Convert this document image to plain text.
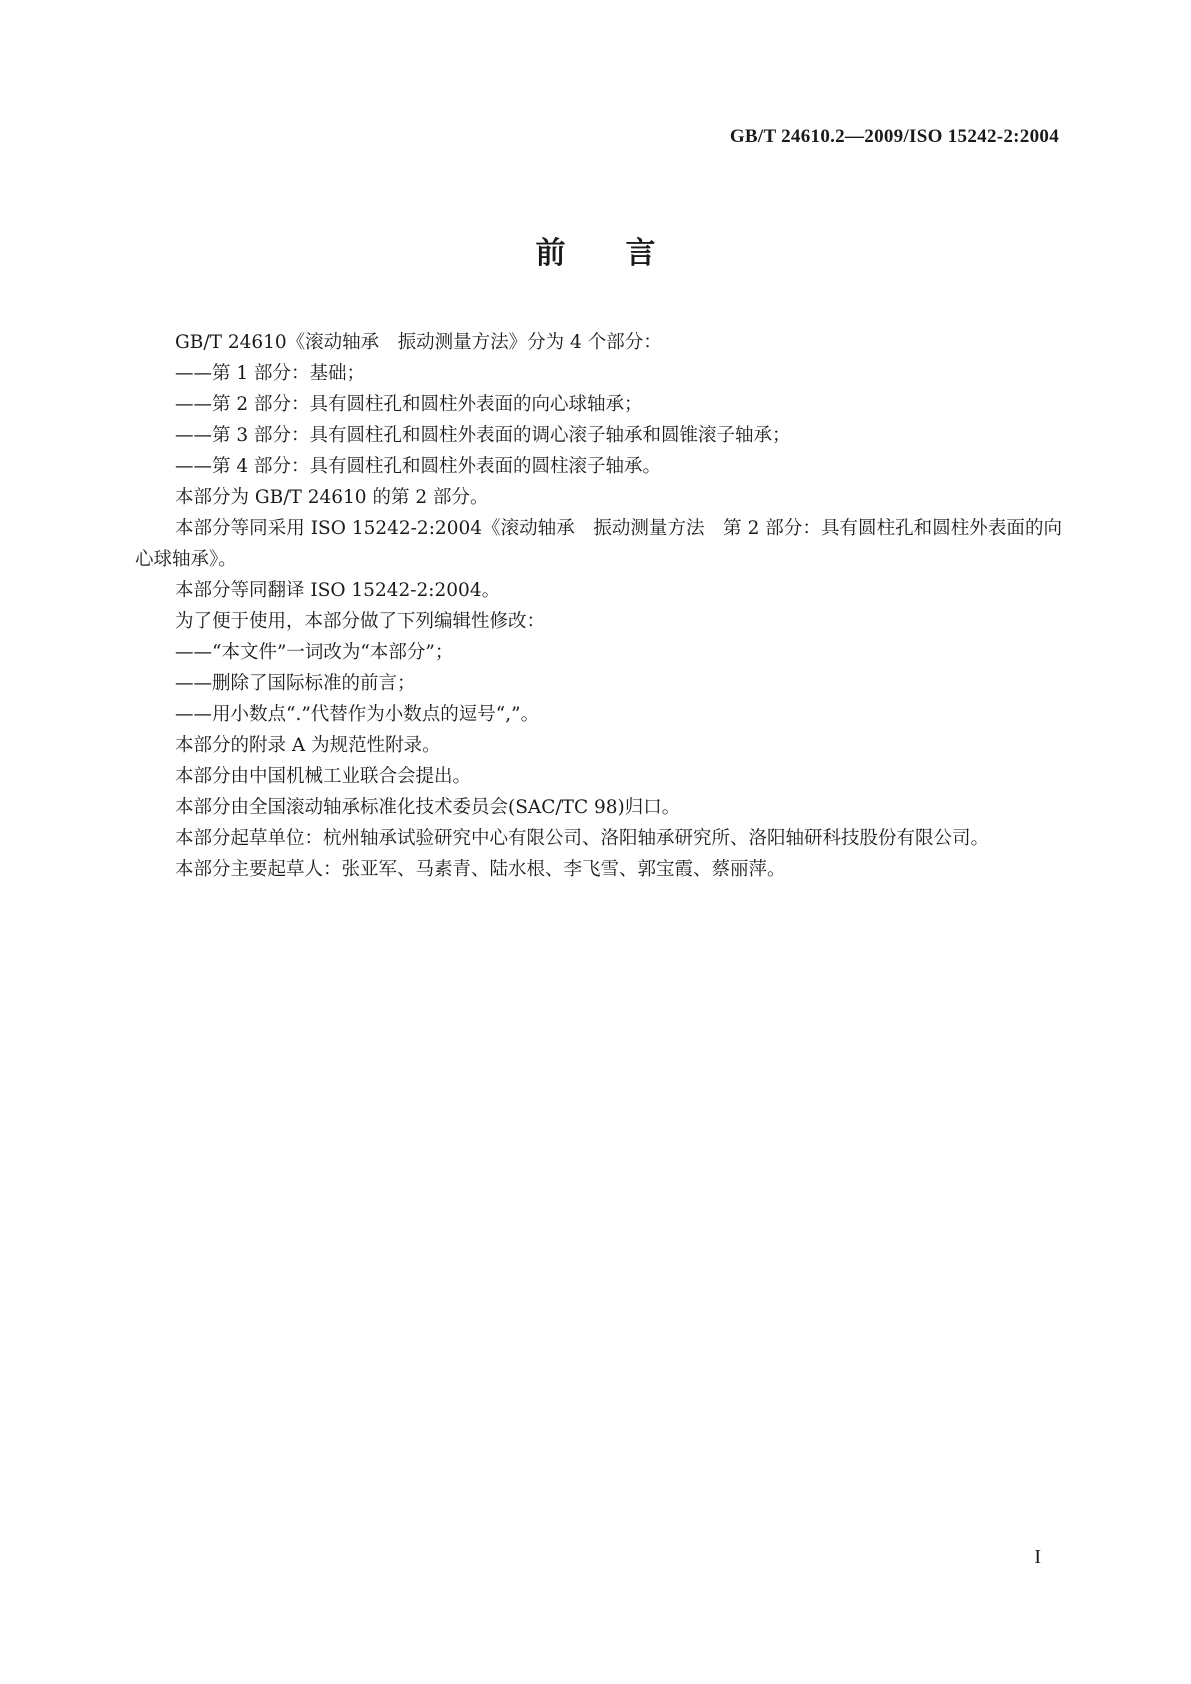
GB/T 24610.2—2009/ISO 15242-2:2004
前言

GB/T 24610《滚动轴承　振动测量方法》分为 4 个部分：

——第 1 部分：基础；

——第 2 部分：具有圆柱孔和圆柱外表面的向心球轴承；

——第 3 部分：具有圆柱孔和圆柱外表面的调心滚子轴承和圆锥滚子轴承；

——第 4 部分：具有圆柱孔和圆柱外表面的圆柱滚子轴承。

本部分为 GB/T 24610 的第 2 部分。

本部分等同采用 ISO 15242-2:2004《滚动轴承　振动测量方法　第 2 部分：具有圆柱孔和圆柱外表面的向心球轴承》。

本部分等同翻译 ISO 15242-2:2004。

为了便于使用，本部分做了下列编辑性修改：

——“本文件”一词改为“本部分”；

——删除了国际标准的前言；

——用小数点“.”代替作为小数点的逗号“,”。

本部分的附录 A 为规范性附录。

本部分由中国机械工业联合会提出。

本部分由全国滚动轴承标准化技术委员会(SAC/TC 98)归口。

本部分起草单位：杭州轴承试验研究中心有限公司、洛阳轴承研究所、洛阳轴研科技股份有限公司。

本部分主要起草人：张亚军、马素青、陆水根、李飞雪、郭宝霞、蔡丽萍。

I
